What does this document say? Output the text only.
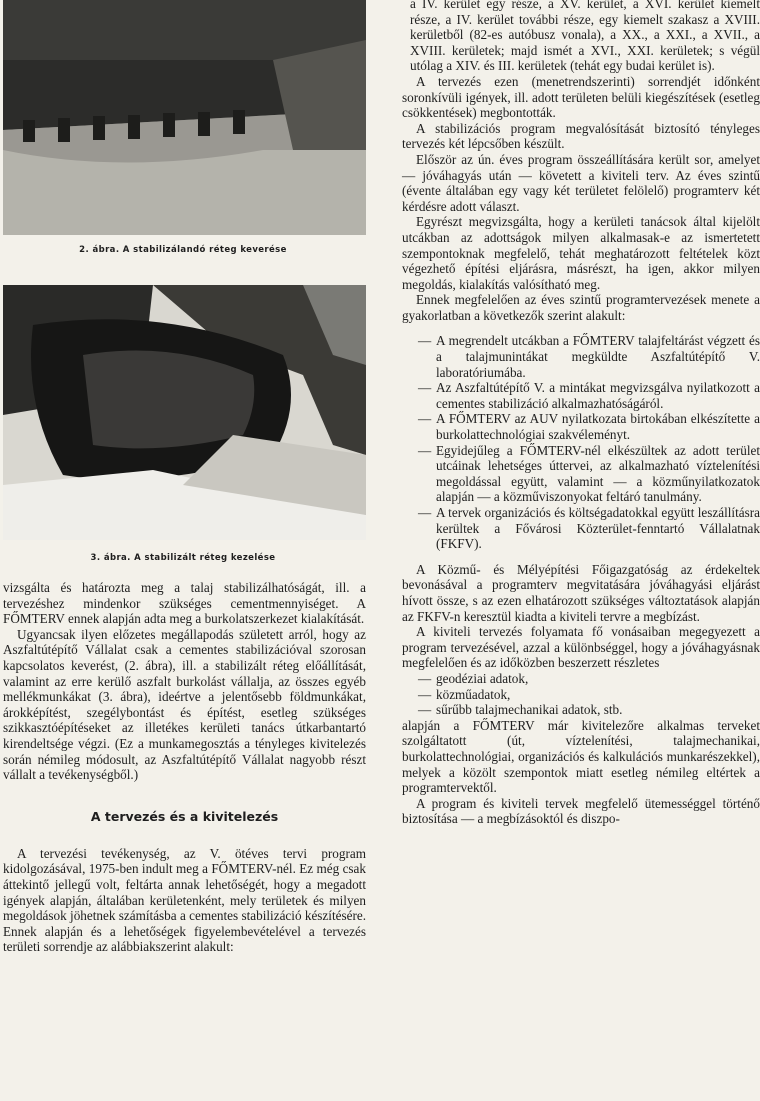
2. ábra. A stabilizálandó réteg keverése
3. ábra. A stabilizált réteg kezelése

vizsgálta és határozta meg a talaj stabilizálhatóságát, ill. a tervezéshez mindenkor szükséges cementmennyiséget. A FŐMTERV ennek alapján adta meg a burkolatszerkezet kialakítását.

Ugyancsak ilyen előzetes megállapodás született arról, hogy az Aszfaltútépítő Vállalat csak a cementes stabilizációval szorosan kapcsolatos keverést, (2. ábra), ill. a stabilizált réteg előállítását, valamint az erre kerülő aszfalt burkolást vállalja, az összes egyéb mellékmunkákat (3. ábra), ideértve a jelentősebb földmunkákat, árokképítést, szegélybontást és építést, esetleg szükséges szikkasztóépítéseket az illetékes kerületi tanács útkarbantartó kirendeltsége végzi. (Ez a munkamegosztás a tényleges kivitelezés során némileg módosult, az Aszfaltútépítő Vállalat nagyobb részt vállalt a tevékenységből.)

A tervezés és a kivitelezés

A tervezési tevékenység, az V. ötéves tervi program kidolgozásával, 1975-ben indult meg a FŐMTERV-nél. Ez még csak áttekintő jellegű volt, feltárta annak lehetőségét, hogy a megadott igények alapján, általában kerületenként, mely területek és milyen megoldások jöhetnek számításba a cementes stabilizáció készítésére. Ennek alapján és a lehetőségek figyelembevételével a tervezés területi sorrendje az alábbiakszerint alakult:

a IV. kerület egy része, a XV. kerület, a XVI. kerület kiemelt része, a IV. kerület további része, egy kiemelt szakasz a XVIII. kerületből (82-es autóbusz vonala), a XX., a XXI., a XVII., a XVIII. kerületek; majd ismét a XVI., XXI. kerületek; s végül utólag a XIV. és III. kerületek (tehát egy budai kerület is).

A tervezés ezen (menetrendszerinti) sorrendjét időnként soronkívüli igények, ill. adott területen belüli kiegészítések (esetleg csökkentések) megbontották.

A stabilizációs program megvalósítását biztosító tényleges tervezés két lépcsőben készült.

Először az ún. éves program összeállítására került sor, amelyet — jóváhagyás után — követett a kiviteli terv. Az éves szintű (évente általában egy vagy két területet felölelő) programterv két kérdésre adott választ.

Egyrészt megvizsgálta, hogy a kerületi tanácsok által kijelölt utcákban az adottságok milyen alkalmasak-e az ismertetett szempontoknak megfelelő, tehát meghatározott feltételek közt végezhető építési eljárásra, másrészt, ha igen, akkor milyen megoldás, kialakítás valósítható meg.

Ennek megfelelően az éves szintű programtervezések menete a gyakorlatban a következők szerint alakult:

— A megrendelt utcákban a FŐMTERV talajfeltárást végzett és a talajmunintákat megküldte Aszfaltútépítő V. laboratóriumába.
— Az Aszfaltútépítő V. a mintákat megvizsgálva nyilatkozott a cementes stabilizáció alkalmazhatóságáról.
— A FŐMTERV az AUV nyilatkozata birtokában elkészítette a burkolattechnológiai szakvéleményt.
— Egyidejűleg a FŐMTERV-nél elkészültek az adott terület utcáinak lehetséges úttervei, az alkalmazható víztelenítési megoldással együtt, valamint — a közműnyilatkozatok alapján — a közműviszonyokat feltáró tanulmány.
— A tervek organizációs és költségadatokkal együtt leszállításra kerültek a Fővárosi Közterület-fenntartó Vállalatnak (FKFV).

A Közmű- és Mélyépítési Főigazgatóság az érdekeltek bevonásával a programterv megvitatására jóváhagyási eljárást hívott össze, s az ezen elhatározott szükséges változtatások alapján az FKFV-n keresztül kiadta a kiviteli tervre a megbízást.

A kiviteli tervezés folyamata fő vonásaiban megegyezett a program tervezésével, azzal a különbséggel, hogy a jóváhagyásnak megfelelően és az időközben beszerzett részletes

— geodéziai adatok,
— közműadatok,
— sűrűbb talajmechanikai adatok, stb.

alapján a FŐMTERV már kivitelezőre alkalmas terveket szolgáltatott (út, víztelenítési, talajmechanikai, burkolattechnológiai, organizációs és kalkulációs munkarészekkel), melyek a közölt szempontok miatt esetleg némileg eltértek a programtervektől.

A program és kiviteli tervek megfelelő ütemességgel történő biztosítása — a megbízásoktól és diszpo-
